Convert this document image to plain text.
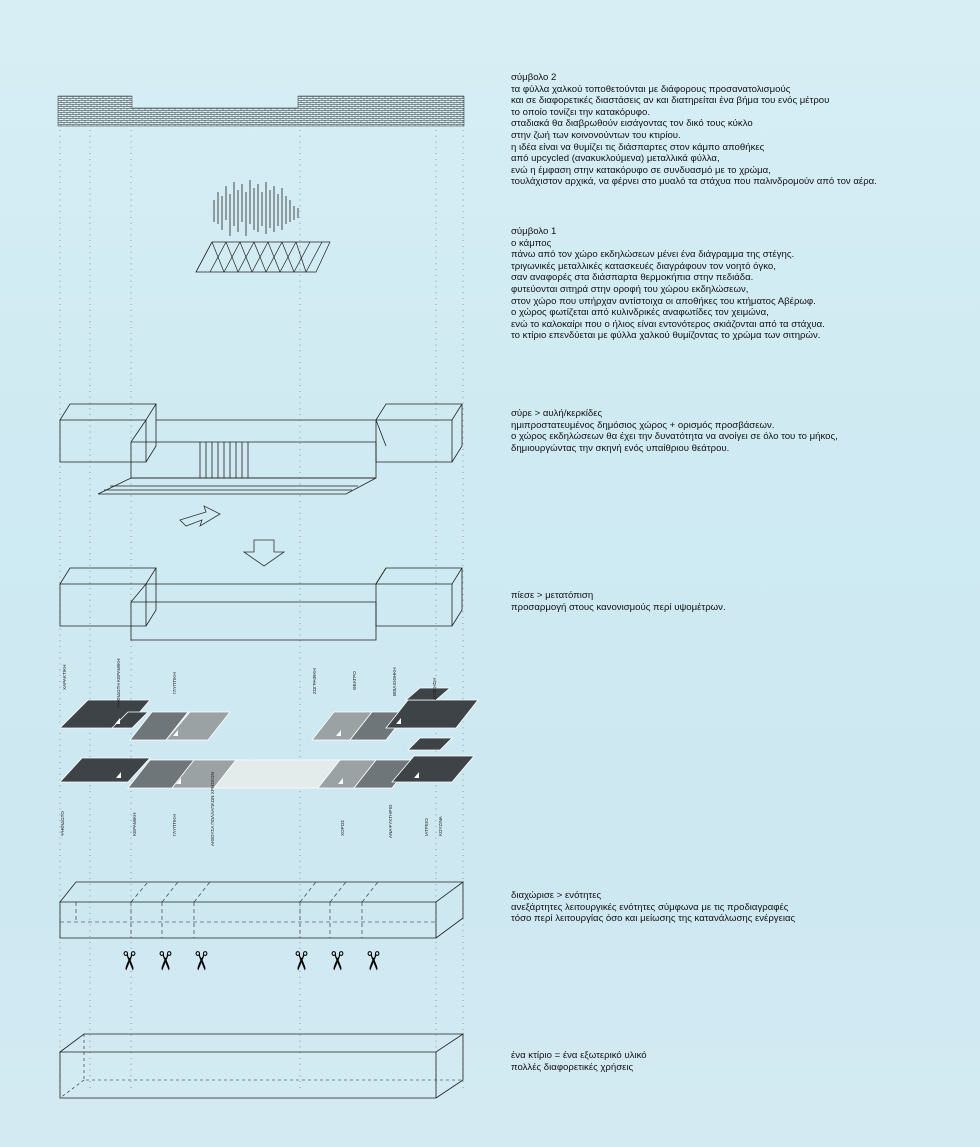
ΧΑΡΑΚΤΙΚΗ	ΨΗΦΙΔΩΤΗ ΚΕΡΑΜΙΚΗ	ΓΛΥΠΤΙΚΗ	ΖΩΓΡΑΦΙΚΗ	ΘΕΑΤΡΟ	ΒΙΒΛΙΟΘΗΚΗ	ΔΙΟΙΚΗΣΗ
ΨΗΦΙΔΩΤΟ	ΚΕΡΑΜΙΚΗ	ΓΛΥΠΤΙΚΗ	ΑΙΘΟΥΣΑ ΠΟΛΛΑΠΛΩΝ ΧΡΗΣΕΩΝ	ΧΟΡΟΣ	ΑΝΑΨΥΚΤΗΡΙΟ	ΙΑΤΡΕΙΟ ΚΟΥΖΙΝΑ
✂ ✂ ✂	✂ ✂ ✂

σύμβολο 2

τα φύλλα χαλκού τοποθετούνται με διάφορους προσανατολισμούς

και σε διαφορετικές διαστάσεις αν και διατηρείται ένα βήμα του ενός μέτρου

το οποίο τονίζει την κατακόρυφο.

σταδιακά θα διαβρωθούν εισάγοντας τον δικό τους κύκλο

στην ζωή των κοινονούντων του κτιρίου.

η ιδέα είναι να θυμίζει τις διάσπαρτες στον κάμπο αποθήκες

από upcycled (ανακυκλούμενα) μεταλλικά φύλλα,

ενώ η έμφαση στην κατακόρυφο σε συνδυασμό με το χρώμα,

τουλάχιστον αρχικά, να φέρνει στο μυαλό τα στάχυα που παλινδρομούν από τον αέρα.

σύμβολο 1

ο κάμπος

πάνω από τον χώρο εκδηλώσεων μένει ένα διάγραμμα της στέγης.

τριγωνικές μεταλλικές κατασκευές διαγράφουν τον νοητό όγκο,

σαν αναφορές στα διάσπαρτα θερμοκήπια στην πεδιάδα.

φυτεύονται σιτηρά στην οροφή του χώρου εκδηλώσεων,

στον χώρο που υπήρχαν αντίστοιχα οι αποθήκες του κτήματος Αβέρωφ.

ο χώρος φωτίζεται από κυλινδρικές αναφωτίδες τον χειμώνα,

ενώ το καλοκαίρι που ο ήλιος είναι εντονότερος σκιάζονται από τα στάχυα.

το κτίριο επενδύεται με φύλλα χαλκού θυμίζοντας το χρώμα των σιτηρών.

σύρε > αυλή/κερκίδες

ημιπροστατευμένος δημόσιος χώρος + ορισμός προσβάσεων.

ο χώρος εκδηλώσεων θα έχει την δυνατότητα να ανοίγει σε όλο του το μήκος,

δημιουργώντας την σκηνή ενός υπαίθριου θεάτρου.

πίεσε > μετατόπιση

προσαρμογή στους κανονισμούς περί υψομέτρων.

διαχώρισε > ενότητες

ανεξάρτητες λειτουργικές ενότητες σύμφωνα με τις προδιαγραφές

τόσο περί λειτουργίας όσο και μείωσης της κατανάλωσης ενέργειας

ένα κτίριο = ένα εξωτερικό υλικό

πολλές διαφορετικές χρήσεις
